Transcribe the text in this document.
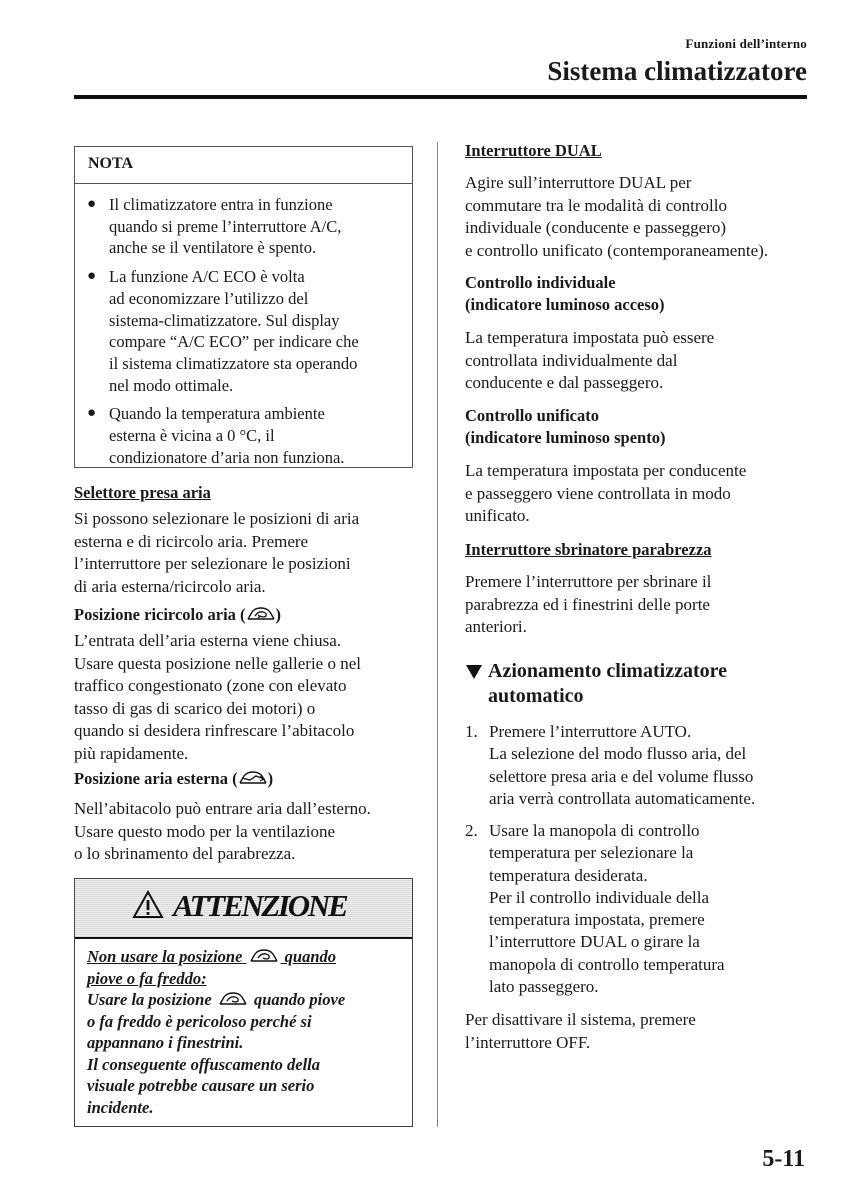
Funzioni dell’interno
Sistema climatizzatore
NOTA
● Il climatizzatore entra in funzione
quando si preme l’interruttore A/C,
anche se il ventilatore è spento.
● La funzione A/C ECO è volta
ad economizzare l’utilizzo del
sistema-climatizzatore. Sul display
compare “A/C ECO” per indicare che
il sistema climatizzatore sta operando
nel modo ottimale.
● Quando la temperatura ambiente
esterna è vicina a 0 °C, il
condizionatore d’aria non funziona.
Selettore presa aria
Si possono selezionare le posizioni di aria
esterna e di ricircolo aria. Premere
l’interruttore per selezionare le posizioni
di aria esterna/ricircolo aria.
Posizione ricircolo aria ( )
L’entrata dell’aria esterna viene chiusa.
Usare questa posizione nelle gallerie o nel
traffico congestionato (zone con elevato
tasso di gas di scarico dei motori) o
quando si desidera rinfrescare l’abitacolo
più rapidamente.
Posizione aria esterna ( )
Nell’abitacolo può entrare aria dall’esterno.
Usare questo modo per la ventilazione
o lo sbrinamento del parabrezza.
ATTENZIONE
Non usare la posizione	quando
piove o fa freddo:
Usare la posizione	quando piove
o fa freddo è pericoloso perché si
appannano i finestrini.
Il conseguente offuscamento della
visuale potrebbe causare un serio
incidente.
Interruttore DUAL
Agire sull’interruttore DUAL per
commutare tra le modalità di controllo
individuale (conducente e passeggero)
e controllo unificato (contemporaneamente).
Controllo individuale
(indicatore luminoso acceso)
La temperatura impostata può essere
controllata individualmente dal
conducente e dal passeggero.
Controllo unificato
(indicatore luminoso spento)
La temperatura impostata per conducente
e passeggero viene controllata in modo
unificato.
Interruttore sbrinatore parabrezza
Premere l’interruttore per sbrinare il
parabrezza ed i finestrini delle porte
anteriori.
Azionamento climatizzatore
automatico
1. Premere l’interruttore AUTO.
La selezione del modo flusso aria, del
selettore presa aria e del volume flusso
aria verrà controllata automaticamente.
2. Usare la manopola di controllo
temperatura per selezionare la
temperatura desiderata.
Per il controllo individuale della
temperatura impostata, premere
l’interruttore DUAL o girare la
manopola di controllo temperatura
lato passeggero.
Per disattivare il sistema, premere
l’interruttore OFF.
5-11
